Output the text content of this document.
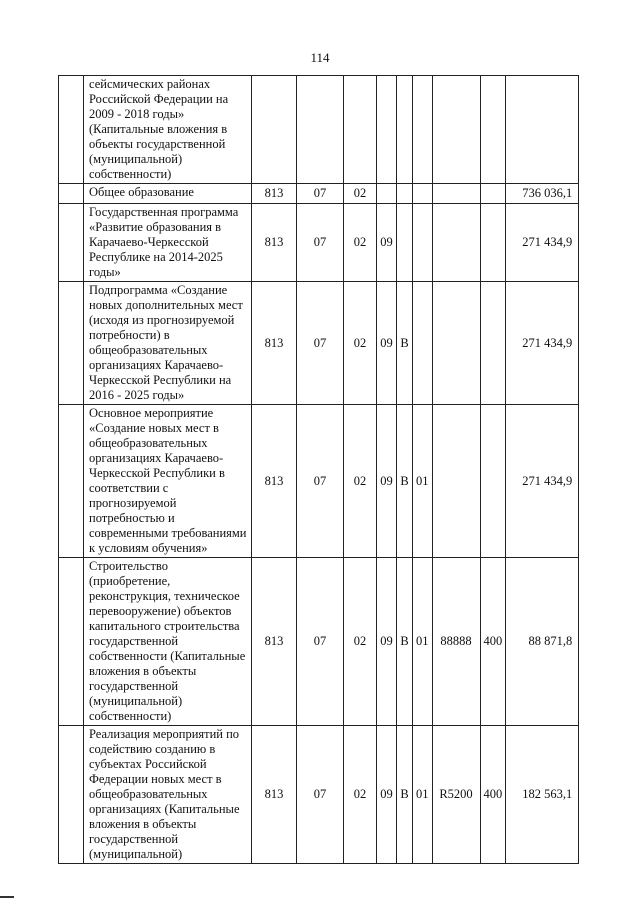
114
	сейсмических районах Российской Федерации на 2009 - 2018 годы» (Капитальные вложения в объекты государственной (муниципальной) собственности)									
	Общее образование	813	07	02						736 036,1
	Государственная программа «Развитие образования в Карачаево-Черкесской Республике на 2014-2025 годы»	813	07	02	09					271 434,9
	Подпрограмма «Создание новых дополнительных мест (исходя из прогнозируемой потребности) в общеобразовательных организациях Карачаево-Черкесской Республики на 2016 - 2025 годы»	813	07	02	09	В				271 434,9
	Основное мероприятие «Создание новых мест в общеобразовательных организациях Карачаево-Черкесской Республики в соответствии с прогнозируемой потребностью и современными требованиями к условиям обучения»	813	07	02	09	В	01			271 434,9
	Строительство (приобретение, реконструкция, техническое перевооружение) объектов капитального строительства государственной собственности (Капитальные вложения в объекты государственной (муниципальной) собственности)	813	07	02	09	В	01	88888	400	88 871,8
	Реализация мероприятий по содействию созданию в субъектах Российской Федерации новых мест в общеобразовательных организациях (Капитальные вложения в объекты государственной (муниципальной)	813	07	02	09	В	01	R5200	400	182 563,1
